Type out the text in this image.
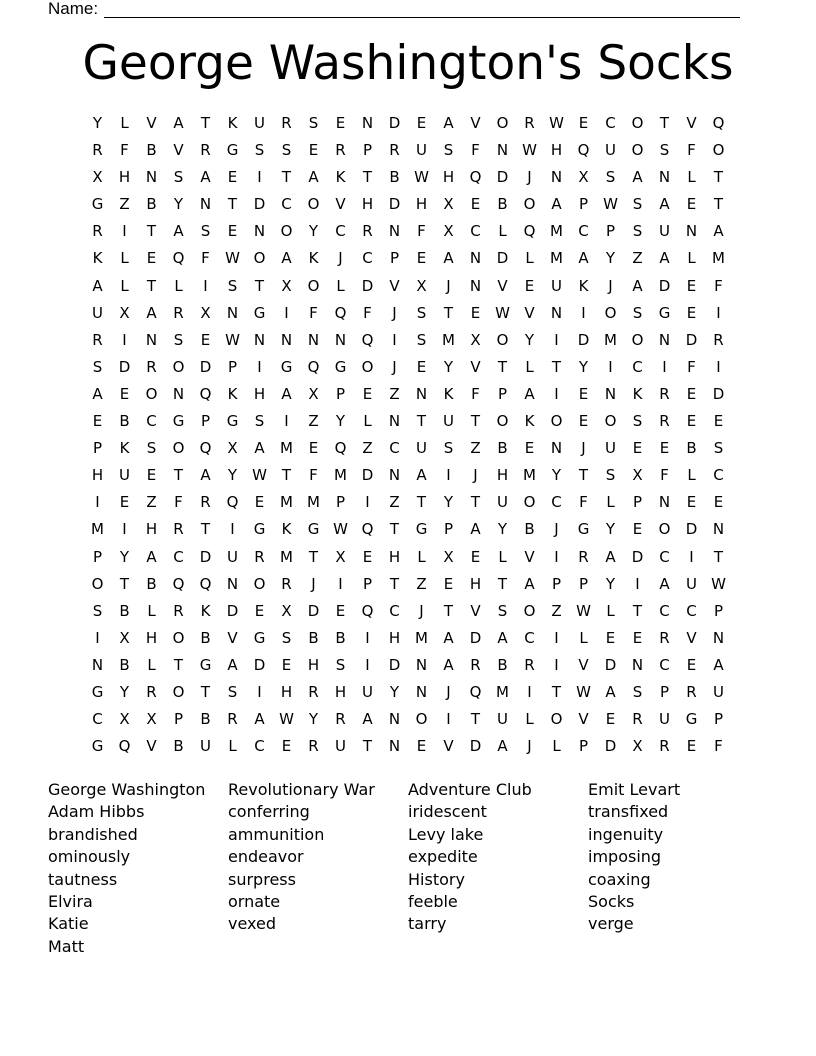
Name:
George Washington's Socks
Y	L	V	A	T	K	U	R	S	E	N	D	E	A	V	O	R W E	C	O	T	V	Q
R	F	B	V	R	G	S	S	E	R	P	R	U	S	F	N W H	Q	U	O	S	F	O
X	H	N	S	A	E	I	T	A	K	T	B W H	Q	D	J	N	X	S	A	N	L	T
G	Z	B	Y	N	T	D	C	O	V	H	D	H	X	E	B	O	A	P	W S	A	E	T
R	I	T	A	S	E	N	O	Y	C	R	N	F	X	C	L	Q M	C	P	S	U	N	A
K	L	E	Q	F	W O	A	K	J	C	P	E	A	N	D	L	M	A	Y	Z	A	L	M
A	L	T	L	I	S	T	X	O	L	D	V	X	J	N	V	E	U	K	J	A	D	E	F
U	X	A	R	X	N	G	I	F	Q	F	J	S	T	E W V	N	I	O	S	G	E	I
R	I	N	S	E W N	N	N	N	Q	I	S	M	X	O	Y	I	D M O	N	D	R
S	D	R	O	D	P	I	G	Q	G	O	J	E	Y	V	T	L	T	Y	I	C	I	F	I
A	E	O	N	Q	K	H	A	X	P	E	Z	N	K	F	P	A	I	E	N	K	R	E	D
E	B	C	G	P	G	S	I	Z	Y	L	N	T	U	T	O	K	O	E	O	S	R	E	E
P	K	S	O	Q	X	A	M	E	Q	Z	C	U	S	Z	B	E	N	J	U	E	E	B	S
H	U	E	T	A	Y	W T	F	M D	N	A	I	J	H M	Y	T	S	X	F	L	C
I	E	Z	F	R	Q	E	M M	P	I	Z	T	Y	T	U	O	C	F	L	P	N	E	E
M	I	H	R	T	I	G	K	G W Q	T	G	P	A	Y	B	J	G	Y	E	O	D	N
P	Y	A	C	D	U	R	M	T	X	E	H	L	X	E	L	V	I	R	A	D	C	I	T
O	T	B	Q	Q	N	O	R	J	I	P	T	Z	E	H	T	A	P	P	Y	I	A	U W
S	B	L	R	K	D	E	X	D	E	Q	C	J	T	V	S	O	Z W	L	T	C	C	P
I	X	H	O	B	V	G	S	B	B	I	H M	A	D	A	C	I	L	E	E	R	V	N
N	B	L	T	G	A	D	E	H	S	I	D	N	A	R	B	R	I	V	D	N	C	E	A
G	Y	R	O	T	S	I	H	R	H	U	Y	N	J	Q M	I	T	W A	S	P	R	U
C	X	X	P	B	R	A W Y	R	A	N	O	I	T	U	L	O	V	E	R	U	G	P
G	Q	V	B	U	L	C	E	R	U	T	N	E	V	D	A	J	L	P	D	X	R	E	F
George Washington
Adam Hibbs
brandished
ominously
tautness
Elvira
Katie
Matt
Revolutionary War
conferring
ammunition
endeavor
surpress
ornate
vexed
Adventure Club
iridescent
Levy lake
expedite
History
feeble
tarry
Emit Levart
transfixed
ingenuity
imposing
coaxing
Socks
verge
